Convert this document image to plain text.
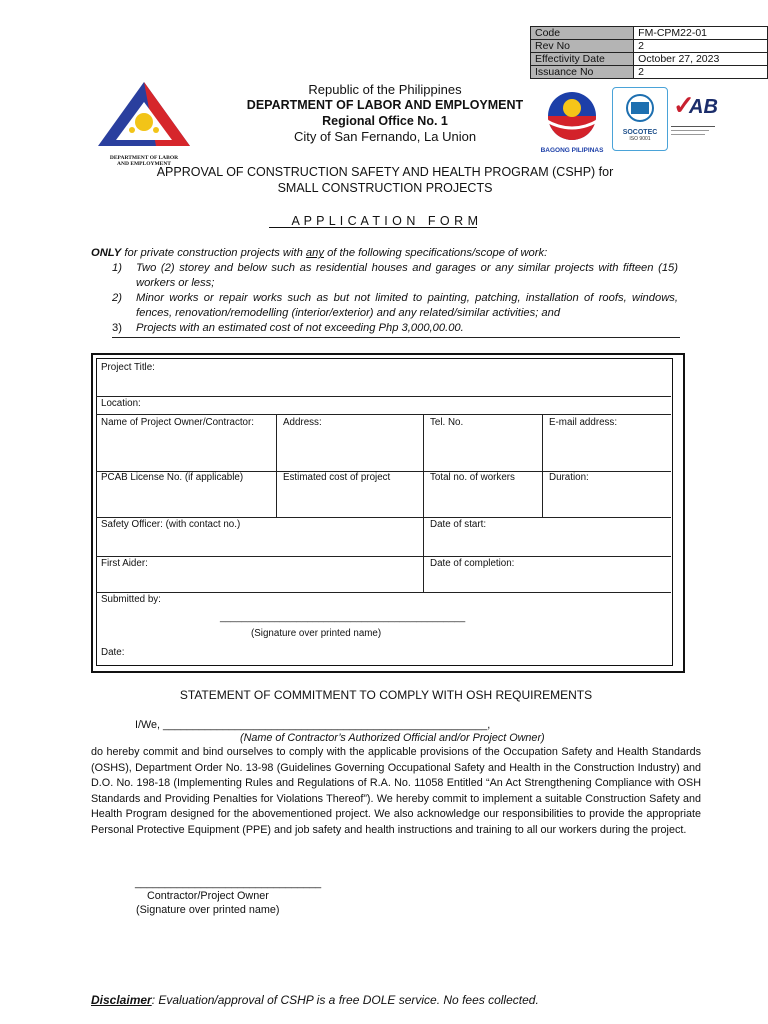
Code	FM-CPM22-01
Rev No	2
Effectivity Date	October 27, 2023
Issuance No	2
DEPARTMENT OF LABOR
AND EMPLOYMENT
Republic of the Philippines
DEPARTMENT OF LABOR AND EMPLOYMENT
Regional Office No. 1
City of San Fernando, La Union
BAGONG PILIPINAS
SOCOTEC
ISO 9001
✓
AB
APPROVAL OF CONSTRUCTION SAFETY AND HEALTH PROGRAM (CSHP) for
SMALL CONSTRUCTION PROJECTS
A P P L I C A T I O N   F O R M
ONLY for private construction projects with any of the following specifications/scope of work:
1)	Two (2) storey and below such as residential houses and garages or any similar projects with fifteen (15) workers or less;
2)	Minor works or repair works such as but not limited to painting, patching, installation of roofs, windows, fences, renovation/remodelling (interior/exterior) and any related/similar activities; and
3)	Projects with an estimated cost of not exceeding Php 3,000,00.00.
Project Title:
Location:
Name of Project Owner/Contractor:	Address:	Tel. No.	E-mail address:
PCAB License No. (if applicable)	Estimated cost of project	Total no. of workers	Duration:
Safety Officer: (with contact no.)	Date of start:
First Aider:	Date of completion:
Submitted by:
_____________________________________________
(Signature over printed name)
Date:
STATEMENT OF COMMITMENT TO COMPLY WITH OSH REQUIREMENTS
I/We, ______________________________________________________,
(Name of Contractor’s Authorized Official and/or Project Owner)
do hereby commit and bind ourselves to comply with the applicable provisions of the Occupation Safety and Health Standards (OSHS), Department Order No. 13-98 (Guidelines Governing Occupational Safety and Health in the Construction Industry) and D.O. No. 198-18 (Implementing Rules and Regulations of R.A. No. 11058 Entitled “An Act Strengthening Compliance with OSH Standards and Providing Penalties for Violations Thereof”). We hereby commit to implement a suitable Construction Safety and Health Program designed for the abovementioned project. We also acknowledge our responsibilities to provide the appropriate Personal Protective Equipment (PPE) and job safety and health instructions and training to all our workers during the project.
_______________________________
Contractor/Project Owner
(Signature over printed name)
Disclaimer: Evaluation/approval of CSHP is a free DOLE service. No fees collected.
